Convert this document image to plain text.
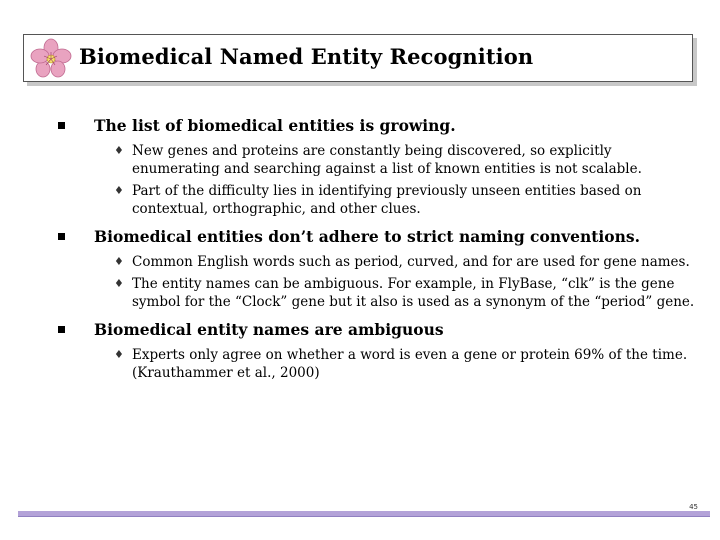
Biomedical Named Entity Recognition
The list of biomedical entities is growing.
♦ New genes and proteins are constantly being discovered, so explicitly enumerating and searching against a list of known entities is not scalable.
♦ Part of the difficulty lies in identifying previously unseen entities based on contextual, orthographic, and other clues.
Biomedical entities don’t adhere to strict naming conventions.
♦ Common English words such as period, curved, and for are used for gene names.
♦ The entity names can be ambiguous. For example, in FlyBase, “clk” is the gene symbol for the “Clock” gene but it also is used as a synonym of the “period” gene.
Biomedical entity names are ambiguous
♦ Experts only agree on whether a word is even a gene or protein 69% of the time. (Krauthammer et al., 2000)
45
